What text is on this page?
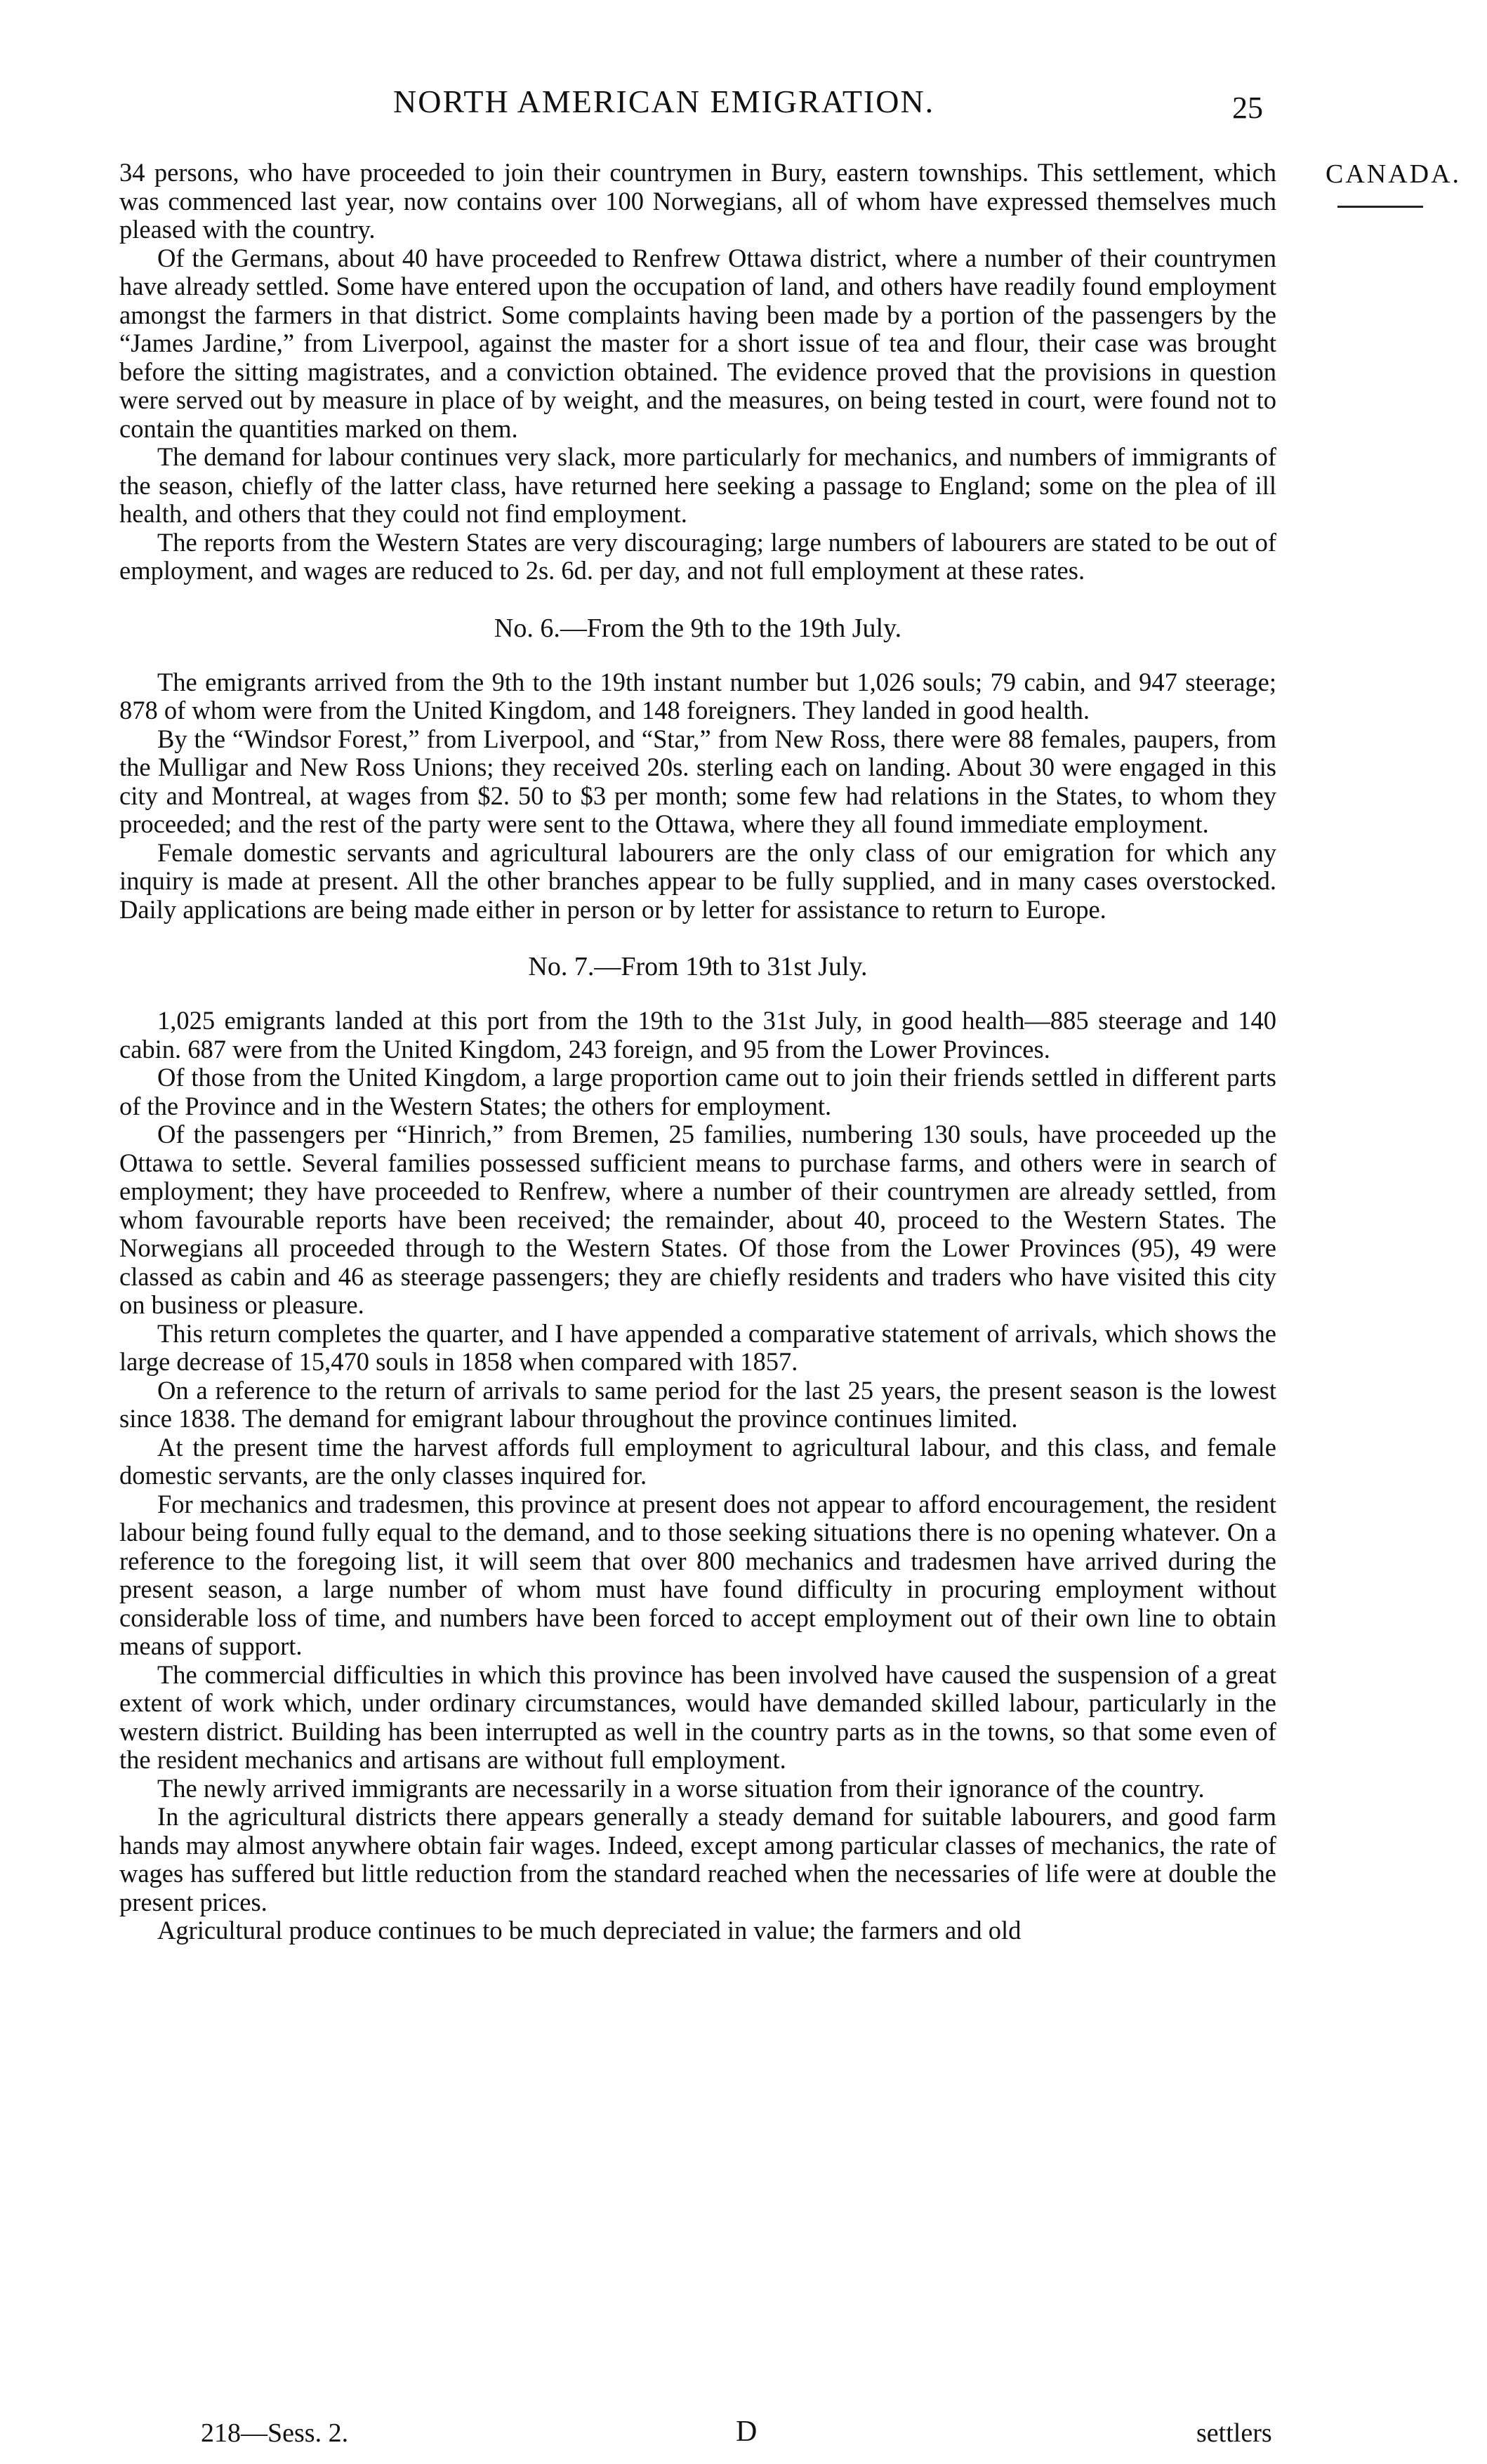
NORTH AMERICAN EMIGRATION.	25
CANADA.

34 persons, who have proceeded to join their countrymen in Bury, eastern townships. This settlement, which was commenced last year, now contains over 100 Norwegians, all of whom have expressed themselves much pleased with the country.

Of the Germans, about 40 have proceeded to Renfrew Ottawa district, where a number of their countrymen have already settled. Some have entered upon the occupation of land, and others have readily found employment amongst the farmers in that district. Some complaints having been made by a portion of the passengers by the “James Jardine,” from Liverpool, against the master for a short issue of tea and flour, their case was brought before the sitting magistrates, and a conviction obtained. The evidence proved that the provisions in question were served out by measure in place of by weight, and the measures, on being tested in court, were found not to contain the quantities marked on them.

The demand for labour continues very slack, more particularly for mechanics, and numbers of immigrants of the season, chiefly of the latter class, have returned here seeking a passage to England; some on the plea of ill health, and others that they could not find employment.

The reports from the Western States are very discouraging; large numbers of labourers are stated to be out of employment, and wages are reduced to 2s. 6d. per day, and not full employment at these rates.

No. 6.—From the 9th to the 19th July.

The emigrants arrived from the 9th to the 19th instant number but 1,026 souls; 79 cabin, and 947 steerage; 878 of whom were from the United Kingdom, and 148 foreigners. They landed in good health.

By the “Windsor Forest,” from Liverpool, and “Star,” from New Ross, there were 88 females, paupers, from the Mulligar and New Ross Unions; they received 20s. sterling each on landing. About 30 were engaged in this city and Montreal, at wages from $2. 50 to $3 per month; some few had relations in the States, to whom they proceeded; and the rest of the party were sent to the Ottawa, where they all found immediate employment.

Female domestic servants and agricultural labourers are the only class of our emigration for which any inquiry is made at present. All the other branches appear to be fully supplied, and in many cases overstocked. Daily applications are being made either in person or by letter for assistance to return to Europe.

No. 7.—From 19th to 31st July.

1,025 emigrants landed at this port from the 19th to the 31st July, in good health—885 steerage and 140 cabin. 687 were from the United Kingdom, 243 foreign, and 95 from the Lower Provinces.

Of those from the United Kingdom, a large proportion came out to join their friends settled in different parts of the Province and in the Western States; the others for employment.

Of the passengers per “Hinrich,” from Bremen, 25 families, numbering 130 souls, have proceeded up the Ottawa to settle. Several families possessed sufficient means to purchase farms, and others were in search of employment; they have proceeded to Renfrew, where a number of their countrymen are already settled, from whom favourable reports have been received; the remainder, about 40, proceed to the Western States. The Norwegians all proceeded through to the Western States. Of those from the Lower Provinces (95), 49 were classed as cabin and 46 as steerage passengers; they are chiefly residents and traders who have visited this city on business or pleasure.

This return completes the quarter, and I have appended a comparative statement of arrivals, which shows the large decrease of 15,470 souls in 1858 when compared with 1857.

On a reference to the return of arrivals to same period for the last 25 years, the present season is the lowest since 1838. The demand for emigrant labour throughout the province continues limited.

At the present time the harvest affords full employment to agricultural labour, and this class, and female domestic servants, are the only classes inquired for.

For mechanics and tradesmen, this province at present does not appear to afford encouragement, the resident labour being found fully equal to the demand, and to those seeking situations there is no opening whatever. On a reference to the foregoing list, it will seem that over 800 mechanics and tradesmen have arrived during the present season, a large number of whom must have found difficulty in procuring employment without considerable loss of time, and numbers have been forced to accept employment out of their own line to obtain means of support.

The commercial difficulties in which this province has been involved have caused the suspension of a great extent of work which, under ordinary circumstances, would have demanded skilled labour, particularly in the western district. Building has been interrupted as well in the country parts as in the towns, so that some even of the resident mechanics and artisans are without full employment.

The newly arrived immigrants are necessarily in a worse situation from their ignorance of the country.

In the agricultural districts there appears generally a steady demand for suitable labourers, and good farm hands may almost anywhere obtain fair wages. Indeed, except among particular classes of mechanics, the rate of wages has suffered but little reduction from the standard reached when the necessaries of life were at double the present prices.

Agricultural produce continues to be much depreciated in value; the farmers and old

218—Sess. 2.	D	settlers
